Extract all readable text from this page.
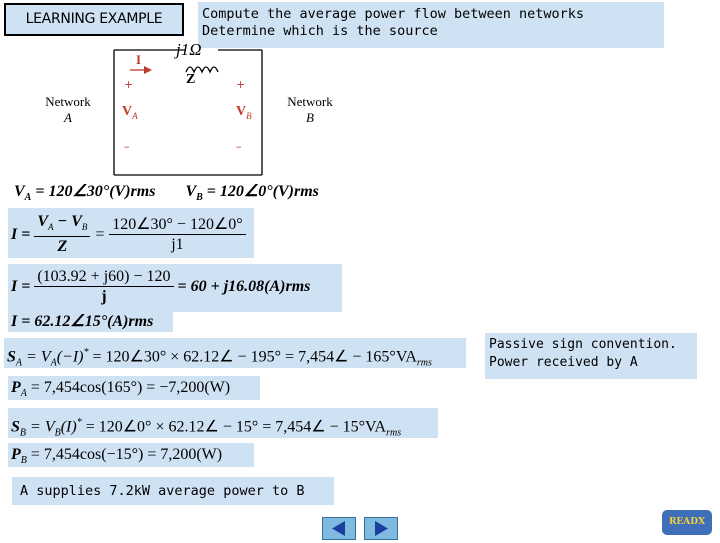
LEARNING EXAMPLE	Compute the average power flow between networks
Determine which is the source
j1Ω
Z
I
Network
A
Network
B
+	+
$V_A$	$V_B$
–	–
$V_A$ = 120∠30°(V)rms $V_B$ = 120∠0°(V)rms
$I = \frac{V_A - V_B}{Z} = \frac{120\angle 30^\circ - 120\angle 0^\circ}{j1}$
$I = \frac{(103.92 + j60) - 120}{j} = 60 + j16.08(A)rms$
I = 62.12∠15°(A)rms
$S_A = V_A(-I)^*$ = 120∠30° × 62.12∠ − 195° = 7,454∠ − $165^\circ VA_{rms}$
$P_A = 7,454\cos(165^\circ) = -7,200(W)$
$S_B = V_B(I)^*$ = 120∠0° × 62.12∠ − 15° = 7,454∠ − $15^\circ VA_{rms}$
$P_B = 7,454\cos(-15^\circ) = 7,200(W)$
Passive sign convention.
Power received by A
A supplies 7.2kW average power to B
READX
